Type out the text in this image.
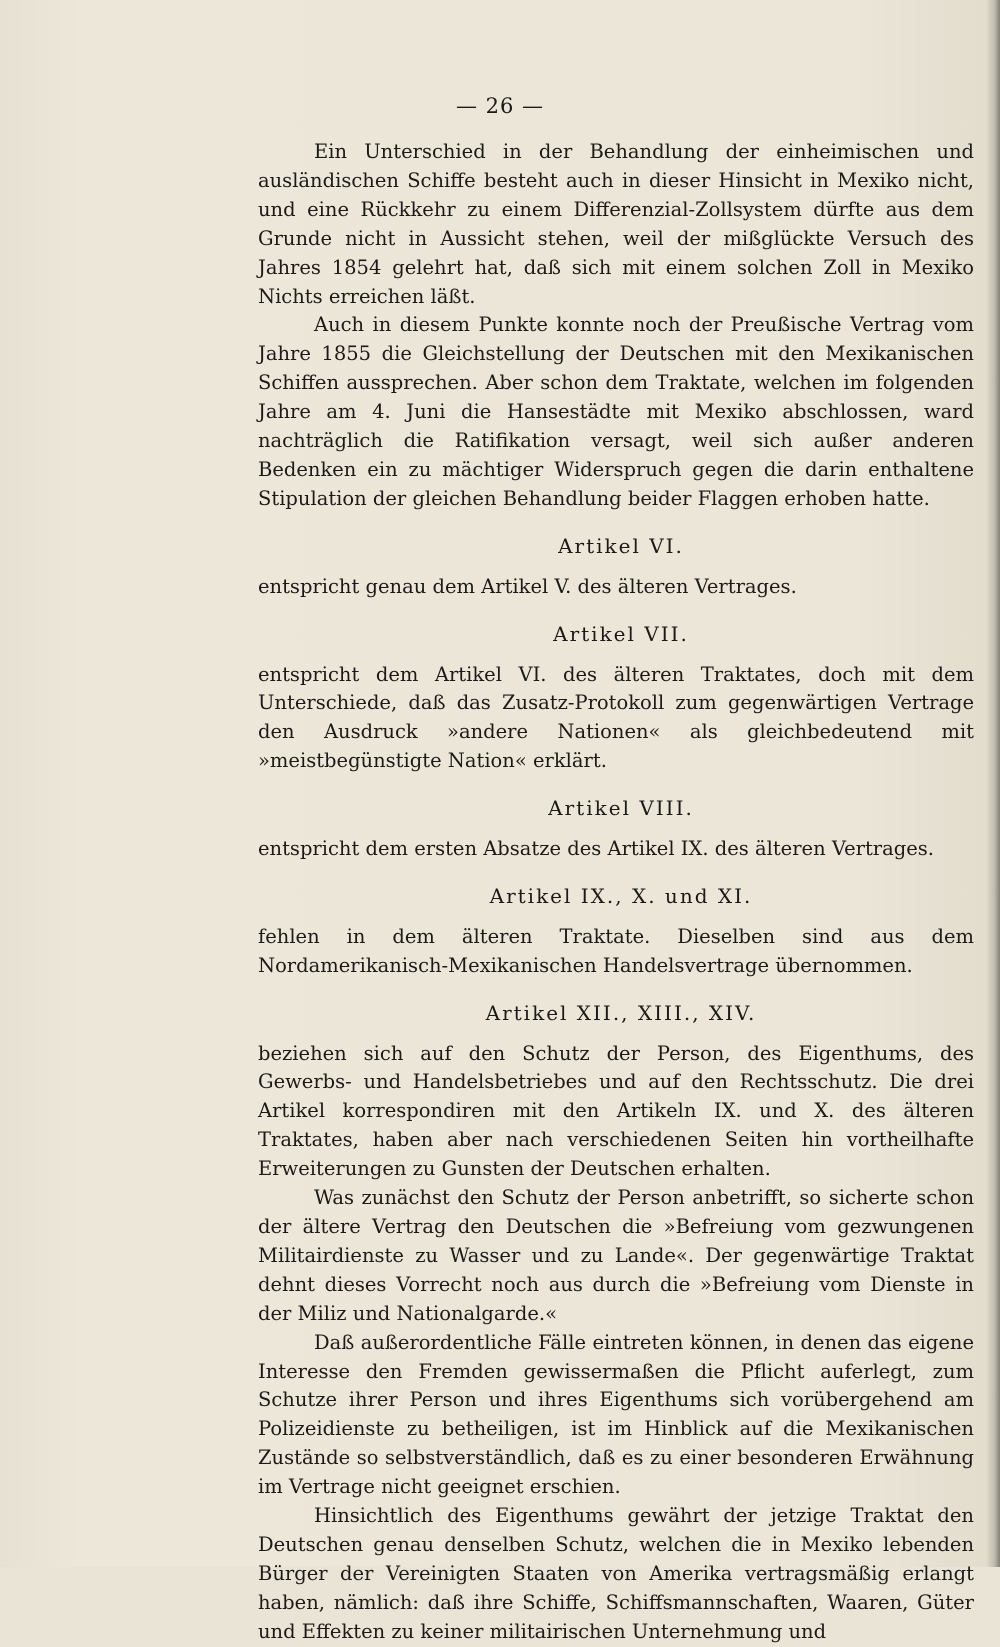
— 26 —

Ein Unterschied in der Behandlung der einheimischen und ausländischen Schiffe besteht auch in dieser Hinsicht in Mexiko nicht, und eine Rückkehr zu einem Differenzial-Zollsystem dürfte aus dem Grunde nicht in Aussicht stehen, weil der mißglückte Versuch des Jahres 1854 gelehrt hat, daß sich mit einem solchen Zoll in Mexiko Nichts erreichen läßt.

Auch in diesem Punkte konnte noch der Preußische Vertrag vom Jahre 1855 die Gleichstellung der Deutschen mit den Mexikanischen Schiffen aussprechen. Aber schon dem Traktate, welchen im folgenden Jahre am 4. Juni die Hansestädte mit Mexiko abschlossen, ward nachträglich die Ratifikation versagt, weil sich außer anderen Bedenken ein zu mächtiger Widerspruch gegen die darin enthaltene Stipulation der gleichen Behandlung beider Flaggen erhoben hatte.

Artikel VI.

entspricht genau dem Artikel V. des älteren Vertrages.

Artikel VII.

entspricht dem Artikel VI. des älteren Traktates, doch mit dem Unterschiede, daß das Zusatz-Protokoll zum gegenwärtigen Vertrage den Ausdruck »andere Nationen« als gleichbedeutend mit »meistbegünstigte Nation« erklärt.

Artikel VIII.

entspricht dem ersten Absatze des Artikel IX. des älteren Vertrages.

Artikel IX., X. und XI.

fehlen in dem älteren Traktate. Dieselben sind aus dem Nordamerikanisch-Mexikanischen Handelsvertrage übernommen.

Artikel XII., XIII., XIV.

beziehen sich auf den Schutz der Person, des Eigenthums, des Gewerbs- und Handelsbetriebes und auf den Rechtsschutz. Die drei Artikel korrespondiren mit den Artikeln IX. und X. des älteren Traktates, haben aber nach verschiedenen Seiten hin vortheilhafte Erweiterungen zu Gunsten der Deutschen erhalten.

Was zunächst den Schutz der Person anbetrifft, so sicherte schon der ältere Vertrag den Deutschen die »Befreiung vom gezwungenen Militairdienste zu Wasser und zu Lande«. Der gegenwärtige Traktat dehnt dieses Vorrecht noch aus durch die »Befreiung vom Dienste in der Miliz und Nationalgarde.«

Daß außerordentliche Fälle eintreten können, in denen das eigene Interesse den Fremden gewissermaßen die Pflicht auferlegt, zum Schutze ihrer Person und ihres Eigenthums sich vorübergehend am Polizeidienste zu betheiligen, ist im Hinblick auf die Mexikanischen Zustände so selbstverständlich, daß es zu einer besonderen Erwähnung im Vertrage nicht geeignet erschien.

Hinsichtlich des Eigenthums gewährt der jetzige Traktat den Deutschen genau denselben Schutz, welchen die in Mexiko lebenden Bürger der Vereinigten Staaten von Amerika vertragsmäßig erlangt haben, nämlich: daß ihre Schiffe, Schiffsmannschaften, Waaren, Güter und Effekten zu keiner militairischen Unternehmung und
